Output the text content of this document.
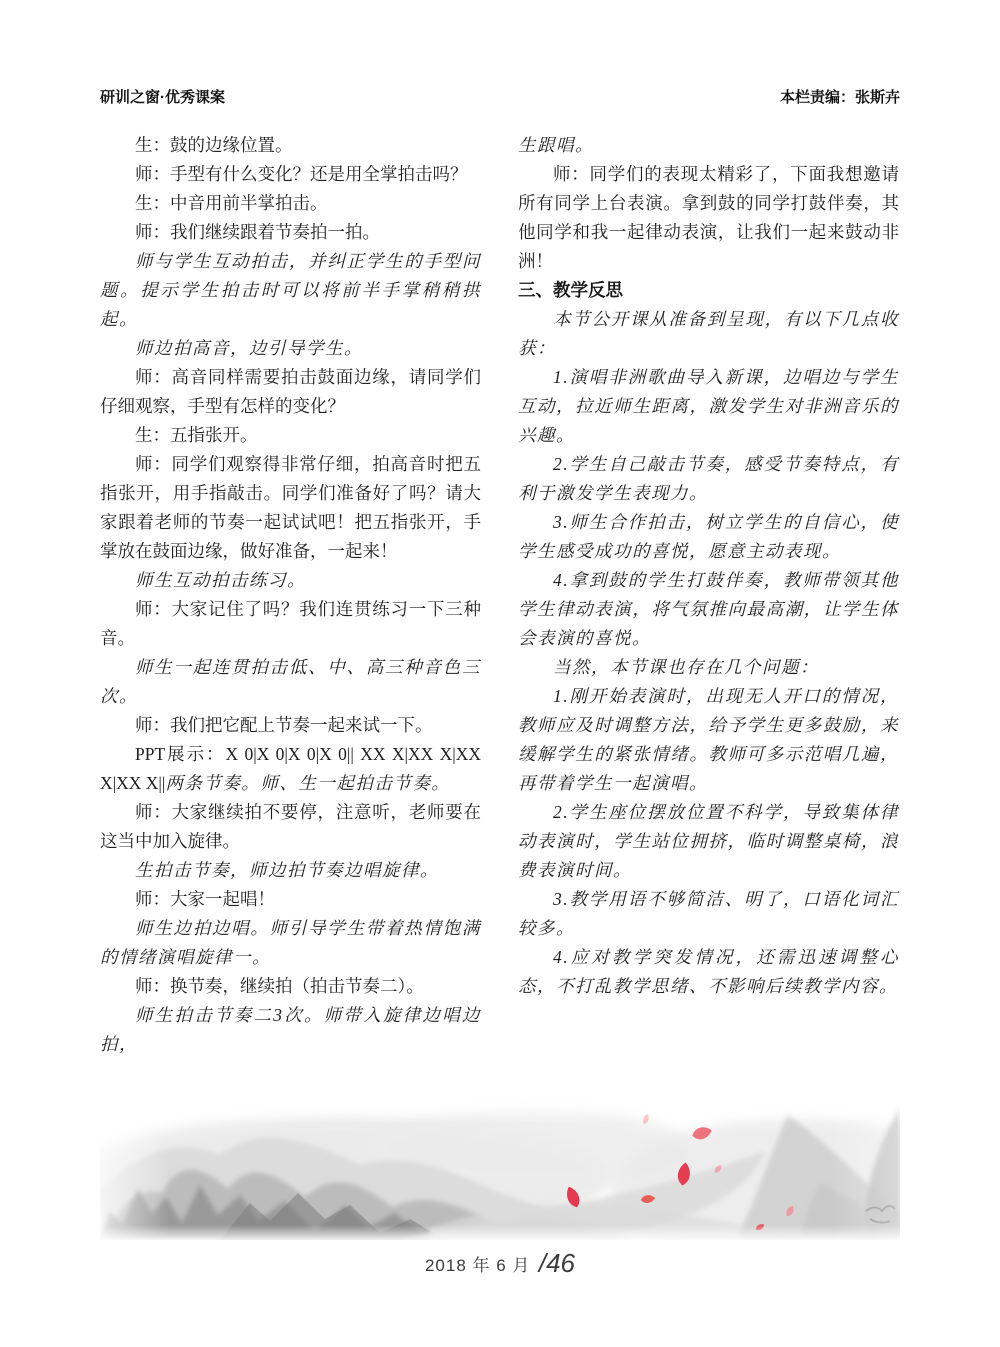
研训之窗·优秀课案	本栏责编：张斯卉

生：鼓的边缘位置。

师：手型有什么变化？还是用全掌拍击吗？

生：中音用前半掌拍击。

师：我们继续跟着节奏拍一拍。

师与学生互动拍击，并纠正学生的手型问题。提示学生拍击时可以将前半手掌稍稍拱起。

师边拍高音，边引导学生。

师：高音同样需要拍击鼓面边缘，请同学们仔细观察，手型有怎样的变化？

生：五指张开。

师：同学们观察得非常仔细，拍高音时把五指张开，用手指敲击。同学们准备好了吗？请大家跟着老师的节奏一起试试吧！把五指张开，手掌放在鼓面边缘，做好准备，一起来！

师生互动拍击练习。

师：大家记住了吗？我们连贯练习一下三种音。

师生一起连贯拍击低、中、高三种音色三次。

师：我们把它配上节奏一起来试一下。

PPT展示：X 0|X 0|X 0|X 0|| XX X|XX X|XX X|XX X||两条节奏。师、生一起拍击节奏。

师：大家继续拍不要停，注意听，老师要在这当中加入旋律。

生拍击节奏，师边拍节奏边唱旋律。

师：大家一起唱！

师生边拍边唱。师引导学生带着热情饱满的情绪演唱旋律一。

师：换节奏，继续拍（拍击节奏二）。

师生拍击节奏二3次。师带入旋律边唱边拍，

生跟唱。

师：同学们的表现太精彩了，下面我想邀请所有同学上台表演。拿到鼓的同学打鼓伴奏，其他同学和我一起律动表演，让我们一起来鼓动非洲！

三、教学反思

本节公开课从准备到呈现，有以下几点收获：

1.演唱非洲歌曲导入新课，边唱边与学生互动，拉近师生距离，激发学生对非洲音乐的兴趣。

2.学生自己敲击节奏，感受节奏特点，有利于激发学生表现力。

3.师生合作拍击，树立学生的自信心，使学生感受成功的喜悦，愿意主动表现。

4.拿到鼓的学生打鼓伴奏，教师带领其他学生律动表演，将气氛推向最高潮，让学生体会表演的喜悦。

当然，本节课也存在几个问题：

1.刚开始表演时，出现无人开口的情况，教师应及时调整方法，给予学生更多鼓励，来缓解学生的紧张情绪。教师可多示范唱几遍，再带着学生一起演唱。

2.学生座位摆放位置不科学，导致集体律动表演时，学生站位拥挤，临时调整桌椅，浪费表演时间。

3.教学用语不够简洁、明了，口语化词汇较多。

4.应对教学突发情况，还需迅速调整心态，不打乱教学思绪、不影响后续教学内容。

2018 年 6 月 /46
